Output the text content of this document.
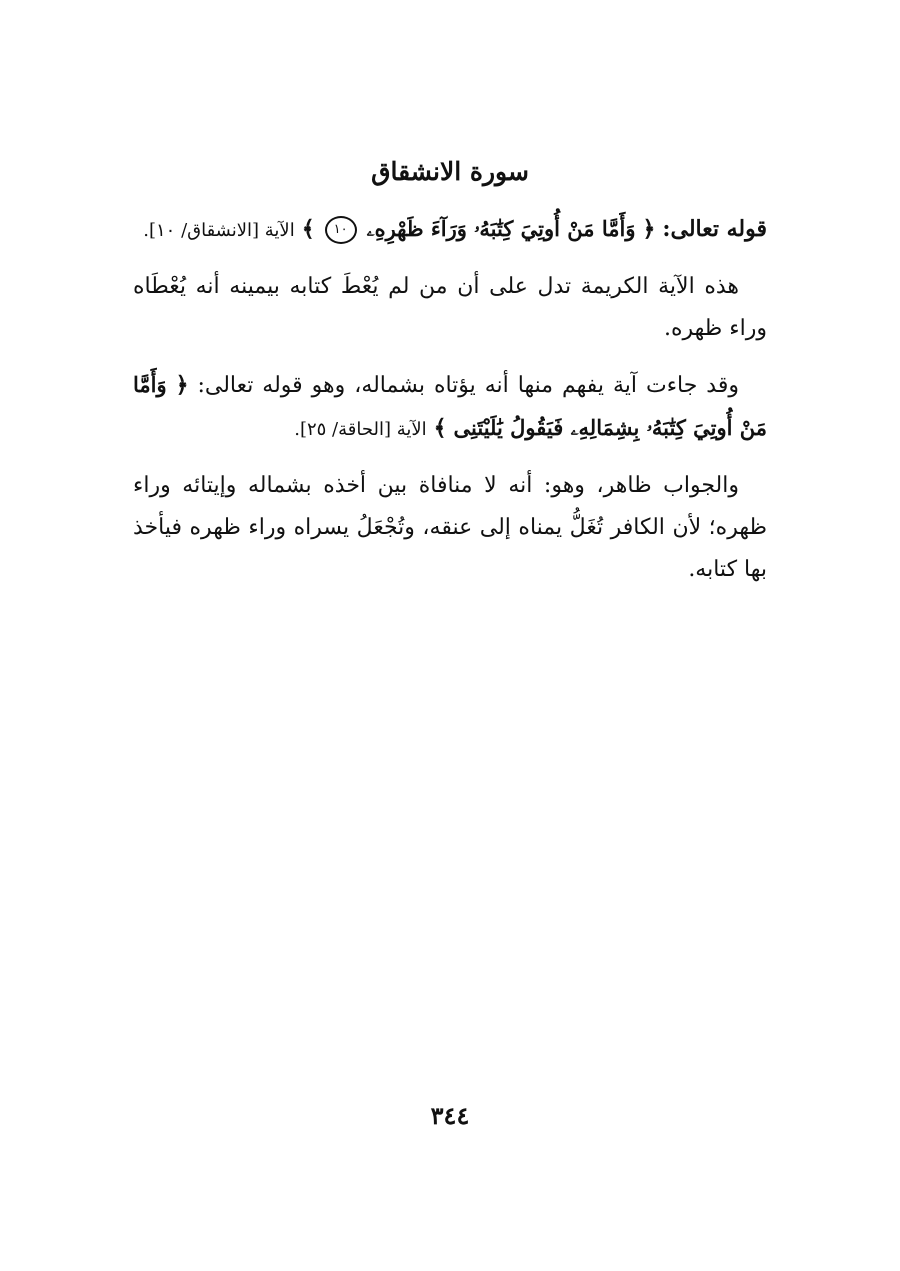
سورة الانشقاق

قوله تعالى: ﴿ وَأَمَّا مَنْ أُوتِيَ كِتَٰبَهُۥ وَرَآءَ ظَهْرِهِۦ ١٠ ﴾ الآية [الانشقاق/ ١٠].

هذه الآية الكريمة تدل على أن من لم يُعْطَ كتابه بيمينه أنه يُعْطَاه وراء ظهره.

وقد جاءت آية يفهم منها أنه يؤتاه بشماله، وهو قوله تعالى: ﴿ وَأَمَّا مَنْ أُوتِيَ كِتَٰبَهُۥ بِشِمَالِهِۦ فَيَقُولُ يَٰلَيْتَنِى ﴾ الآية [الحاقة/ ٢٥].

والجواب ظاهر، وهو: أنه لا منافاة بين أخذه بشماله وإيتائه وراء ظهره؛ لأن الكافر تُغَلُّ يمناه إلى عنقه، وتُجْعَلُ يسراه وراء ظهره فيأخذ بها كتابه.

٣٤٤
